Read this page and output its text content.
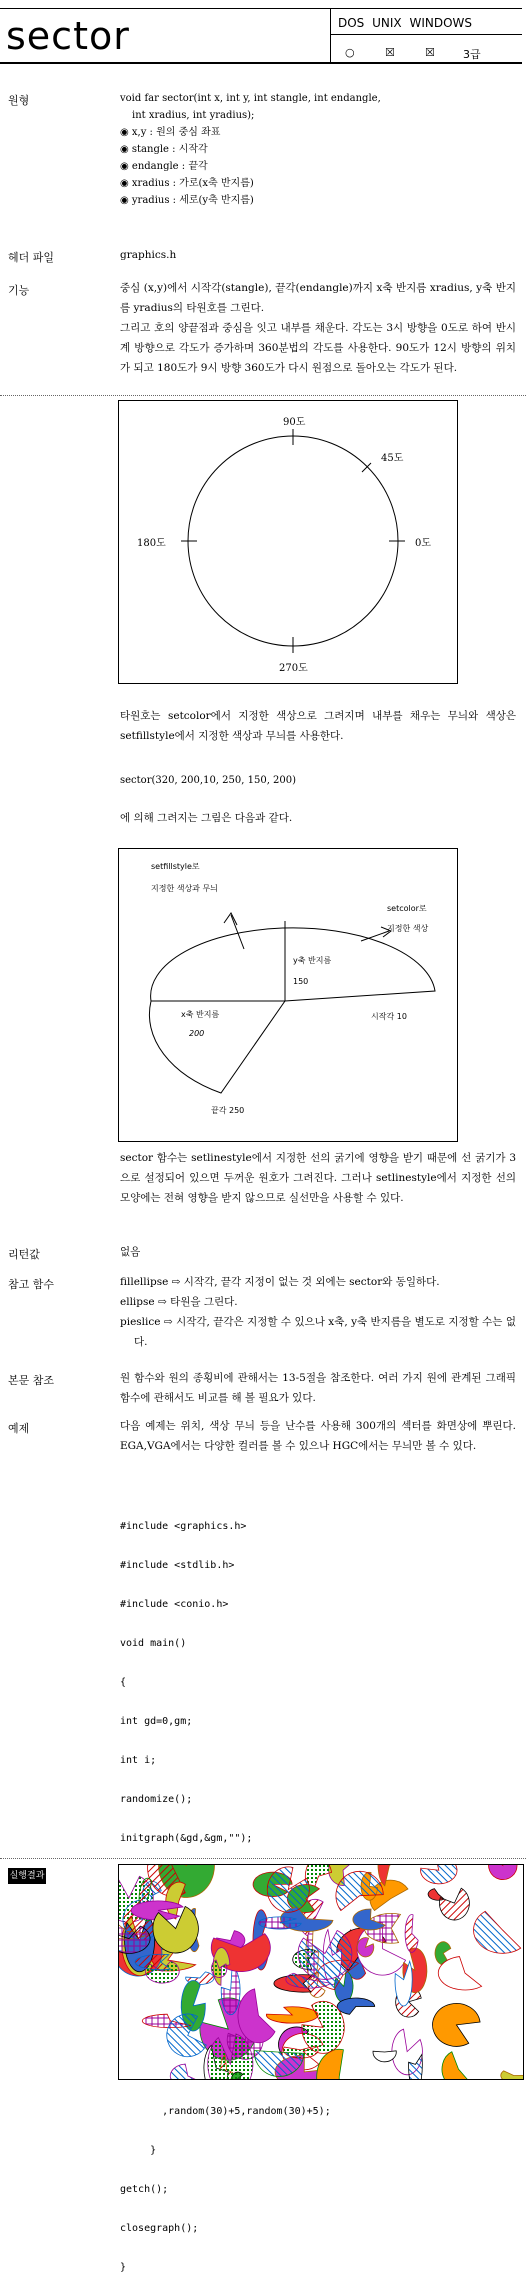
sector	DOS UNIX WINDOWS
○	☒	☒	3급
원형	void far sector(int x, int y, int stangle, int endangle,
int xradius, int yradius);
◉ x,y : 원의 중심 좌표
◉ stangle : 시작각
◉ endangle : 끝각
◉ xradius : 가로(x축 반지름)
◉ yradius : 세로(y축 반지름)
헤더 파일	graphics.h
기능	중심 (x,y)에서 시작각(stangle), 끝각(endangle)까지 x축 반지름 xradius, y축 반지름 yradius의 타원호를 그린다.
그리고 호의 양끝점과 중심을 잇고 내부를 채운다. 각도는 3시 방향을 0도로 하여 반시계 방향으로 각도가 증가하며 360분법의 각도를 사용한다. 90도가 12시 방향의 위치가 되고 180도가 9시 방향 360도가 다시 원점으로 돌아오는 각도가 된다.
90도
45도
180도	0도
270도
타원호는 setcolor에서 지정한 색상으로 그려지며 내부를 채우는 무늬와 색상은 setfillstyle에서 지정한 색상과 무늬를 사용한다.
sector(320, 200,10, 250, 150, 200)
에 의해 그려지는 그림은 다음과 같다.
setfillstyle로
지정한 색상과 무늬
setcolor로
지정한 색상
y축 반지름
150
x축 반지름
200
시작각 10
끝각 250
sector 함수는 setlinestyle에서 지정한 선의 굵기에 영향을 받기 때문에 선 굵기가 3으로 설정되어 있으면 두꺼운 원호가 그려진다. 그러나 setlinestyle에서 지정한 선의 모양에는 전혀 영향을 받지 않으므로 실선만을 사용할 수 있다.
리턴값	없음
참고 함수	fillellipse ⇨ 시작각, 끝각 지정이 없는 것 외에는 sector와 동일하다.
ellipse ⇨ 타원을 그린다.
pieslice ⇨ 시작각, 끝각은 지정할 수 있으나 x축, y축 반지름을 별도로 지정할 수는 없다.
본문 참조	원 함수와 원의 종횡비에 관해서는 13-5절을 참조한다. 여러 가지 원에 관계된 그래픽 함수에 관해서도 비교를 해 볼 필요가 있다.
예제	다음 예제는 위치, 색상 무늬 등을 난수를 사용해 300개의 섹터를 화면상에 뿌린다. EGA,VGA에서는 다양한 컬러를 볼 수 있으나 HGC에서는 무늬만 볼 수 있다.

#include <graphics.h>

#include <stdlib.h>

#include <conio.h>

void main()

{

int gd=0,gm;

int i;

randomize();

initgraph(&gd,&gm,"");

,random(30)+5,random(30)+5);

}

getch();

closegraph();

}

실행결과
